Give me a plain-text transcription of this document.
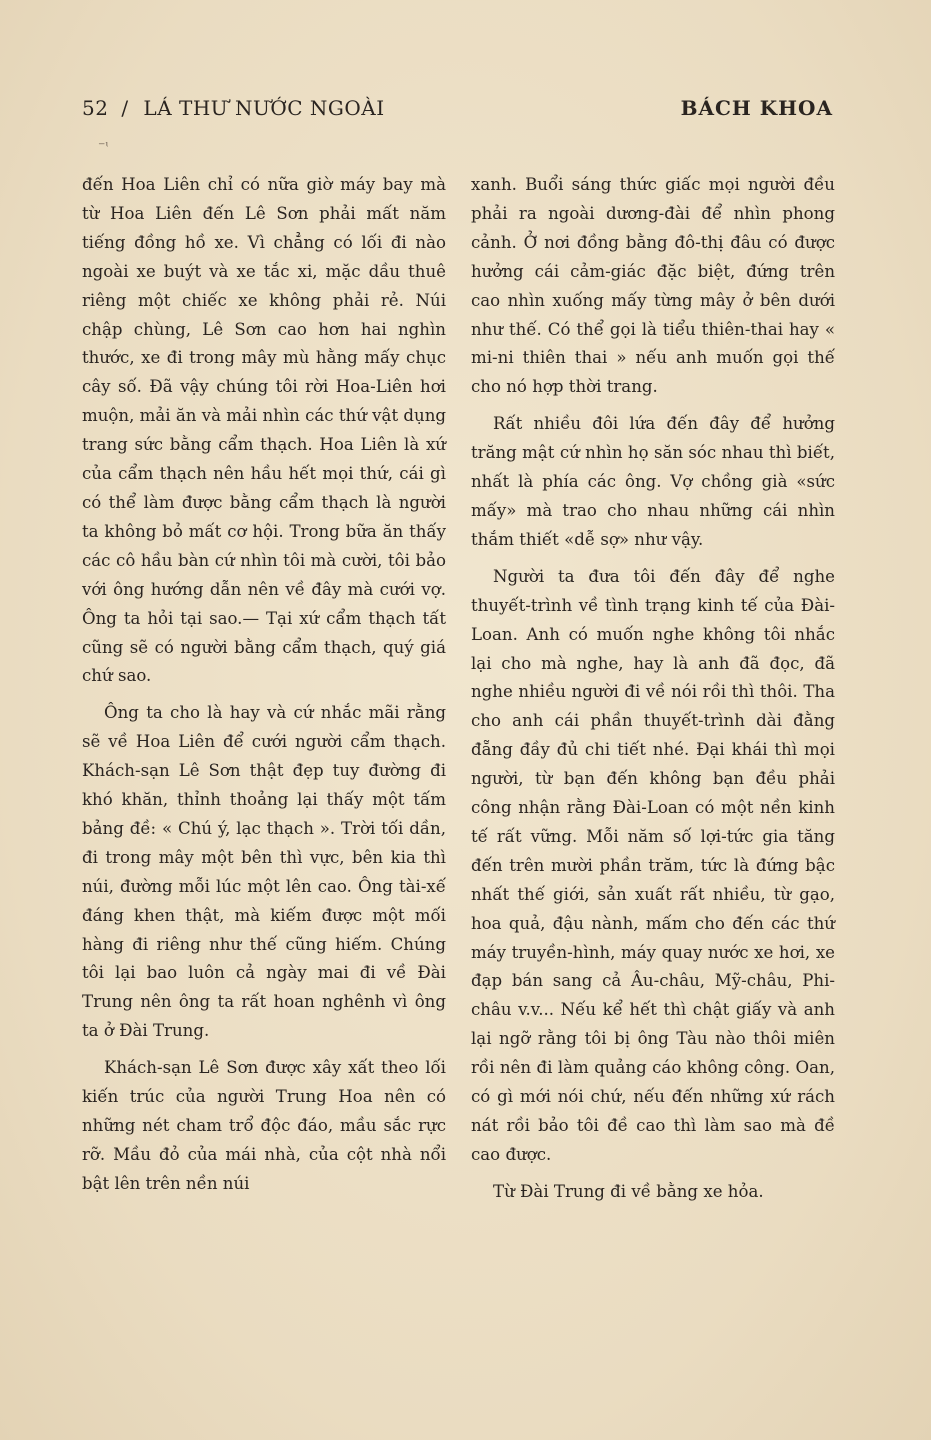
52 / LÁ THƯ NƯỚC NGOÀI	BÁCH KHOA
⁻ᶥ

đến Hoa Liên chỉ có nữa giờ máy bay mà từ Hoa Liên đến Lê Sơn phải mất năm tiếng đồng hồ xe. Vì chẳng có lối đi nào ngoài xe buýt và xe tắc xi, mặc dầu thuê riêng một chiếc xe không phải rẻ. Núi chập chùng, Lê Sơn cao hơn hai nghìn thước, xe đi trong mây mù hằng mấy chục cây số. Đã vậy chúng tôi rời Hoa-Liên hơi muộn, mải ăn và mải nhìn các thứ vật dụng trang sức bằng cẩm thạch. Hoa Liên là xứ của cẩm thạch nên hầu hết mọi thứ, cái gì có thể làm được bằng cẩm thạch là người ta không bỏ mất cơ hội. Trong bữa ăn thấy các cô hầu bàn cứ nhìn tôi mà cười, tôi bảo với ông hướng dẫn nên về đây mà cưới vợ. Ông ta hỏi tại sao.— Tại xứ cẩm thạch tất cũng sẽ có người bằng cẩm thạch, quý giá chứ sao.

Ông ta cho là hay và cứ nhắc mãi rằng sẽ về Hoa Liên để cưới người cẩm thạch. Khách-sạn Lê Sơn thật đẹp tuy đường đi khó khăn, thỉnh thoảng lại thấy một tấm bảng đề: « Chú ý, lạc thạch ». Trời tối dần, đi trong mây một bên thì vực, bên kia thì núi, đường mỗi lúc một lên cao. Ông tài-xế đáng khen thật, mà kiếm được một mối hàng đi riêng như thế cũng hiếm. Chúng tôi lại bao luôn cả ngày mai đi về Đài Trung nên ông ta rất hoan nghênh vì ông ta ở Đài Trung.

Khách-sạn Lê Sơn được xây xất theo lối kiến trúc của người Trung Hoa nên có những nét cham trổ độc đáo, mầu sắc rực rỡ. Mầu đỏ của mái nhà, của cột nhà nổi bật lên trên nền núi

xanh. Buổi sáng thức giấc mọi người đều phải ra ngoài dương-đài để nhìn phong cảnh. Ở nơi đồng bằng đô-thị đâu có được hưởng cái cảm-giác đặc biệt, đứng trên cao nhìn xuống mấy từng mây ở bên dưới như thế. Có thể gọi là tiểu thiên-thai hay « mi-ni thiên thai » nếu anh muốn gọi thế cho nó hợp thời trang.

Rất nhiều đôi lứa đến đây để hưởng trăng mật cứ nhìn họ săn sóc nhau thì biết, nhất là phía các ông. Vợ chồng già «sức mấy» mà trao cho nhau những cái nhìn thắm thiết «dễ sợ» như vậy.

Người ta đưa tôi đến đây để nghe thuyết-trình về tình trạng kinh tế của Đài-Loan. Anh có muốn nghe không tôi nhắc lại cho mà nghe, hay là anh đã đọc, đã nghe nhiều người đi về nói rồi thì thôi. Tha cho anh cái phần thuyết-trình dài đằng đẵng đầy đủ chi tiết nhé. Đại khái thì mọi người, từ bạn đến không bạn đều phải công nhận rằng Đài-Loan có một nền kinh tế rất vững. Mỗi năm số lợi-tức gia tăng đến trên mười phần trăm, tức là đứng bậc nhất thế giới, sản xuất rất nhiều, từ gạo, hoa quả, đậu nành, mấm cho đến các thứ máy truyền-hình, máy quay nước xe hơi, xe đạp bán sang cả Âu-châu, Mỹ-châu, Phi-châu v.v... Nếu kể hết thì chật giấy và anh lại ngỡ rằng tôi bị ông Tàu nào thôi miên rồi nên đi làm quảng cáo không công. Oan, có gì mới nói chứ, nếu đến những xứ rách nát rồi bảo tôi đề cao thì làm sao mà đề cao được.

Từ Đài Trung đi về bằng xe hỏa.
